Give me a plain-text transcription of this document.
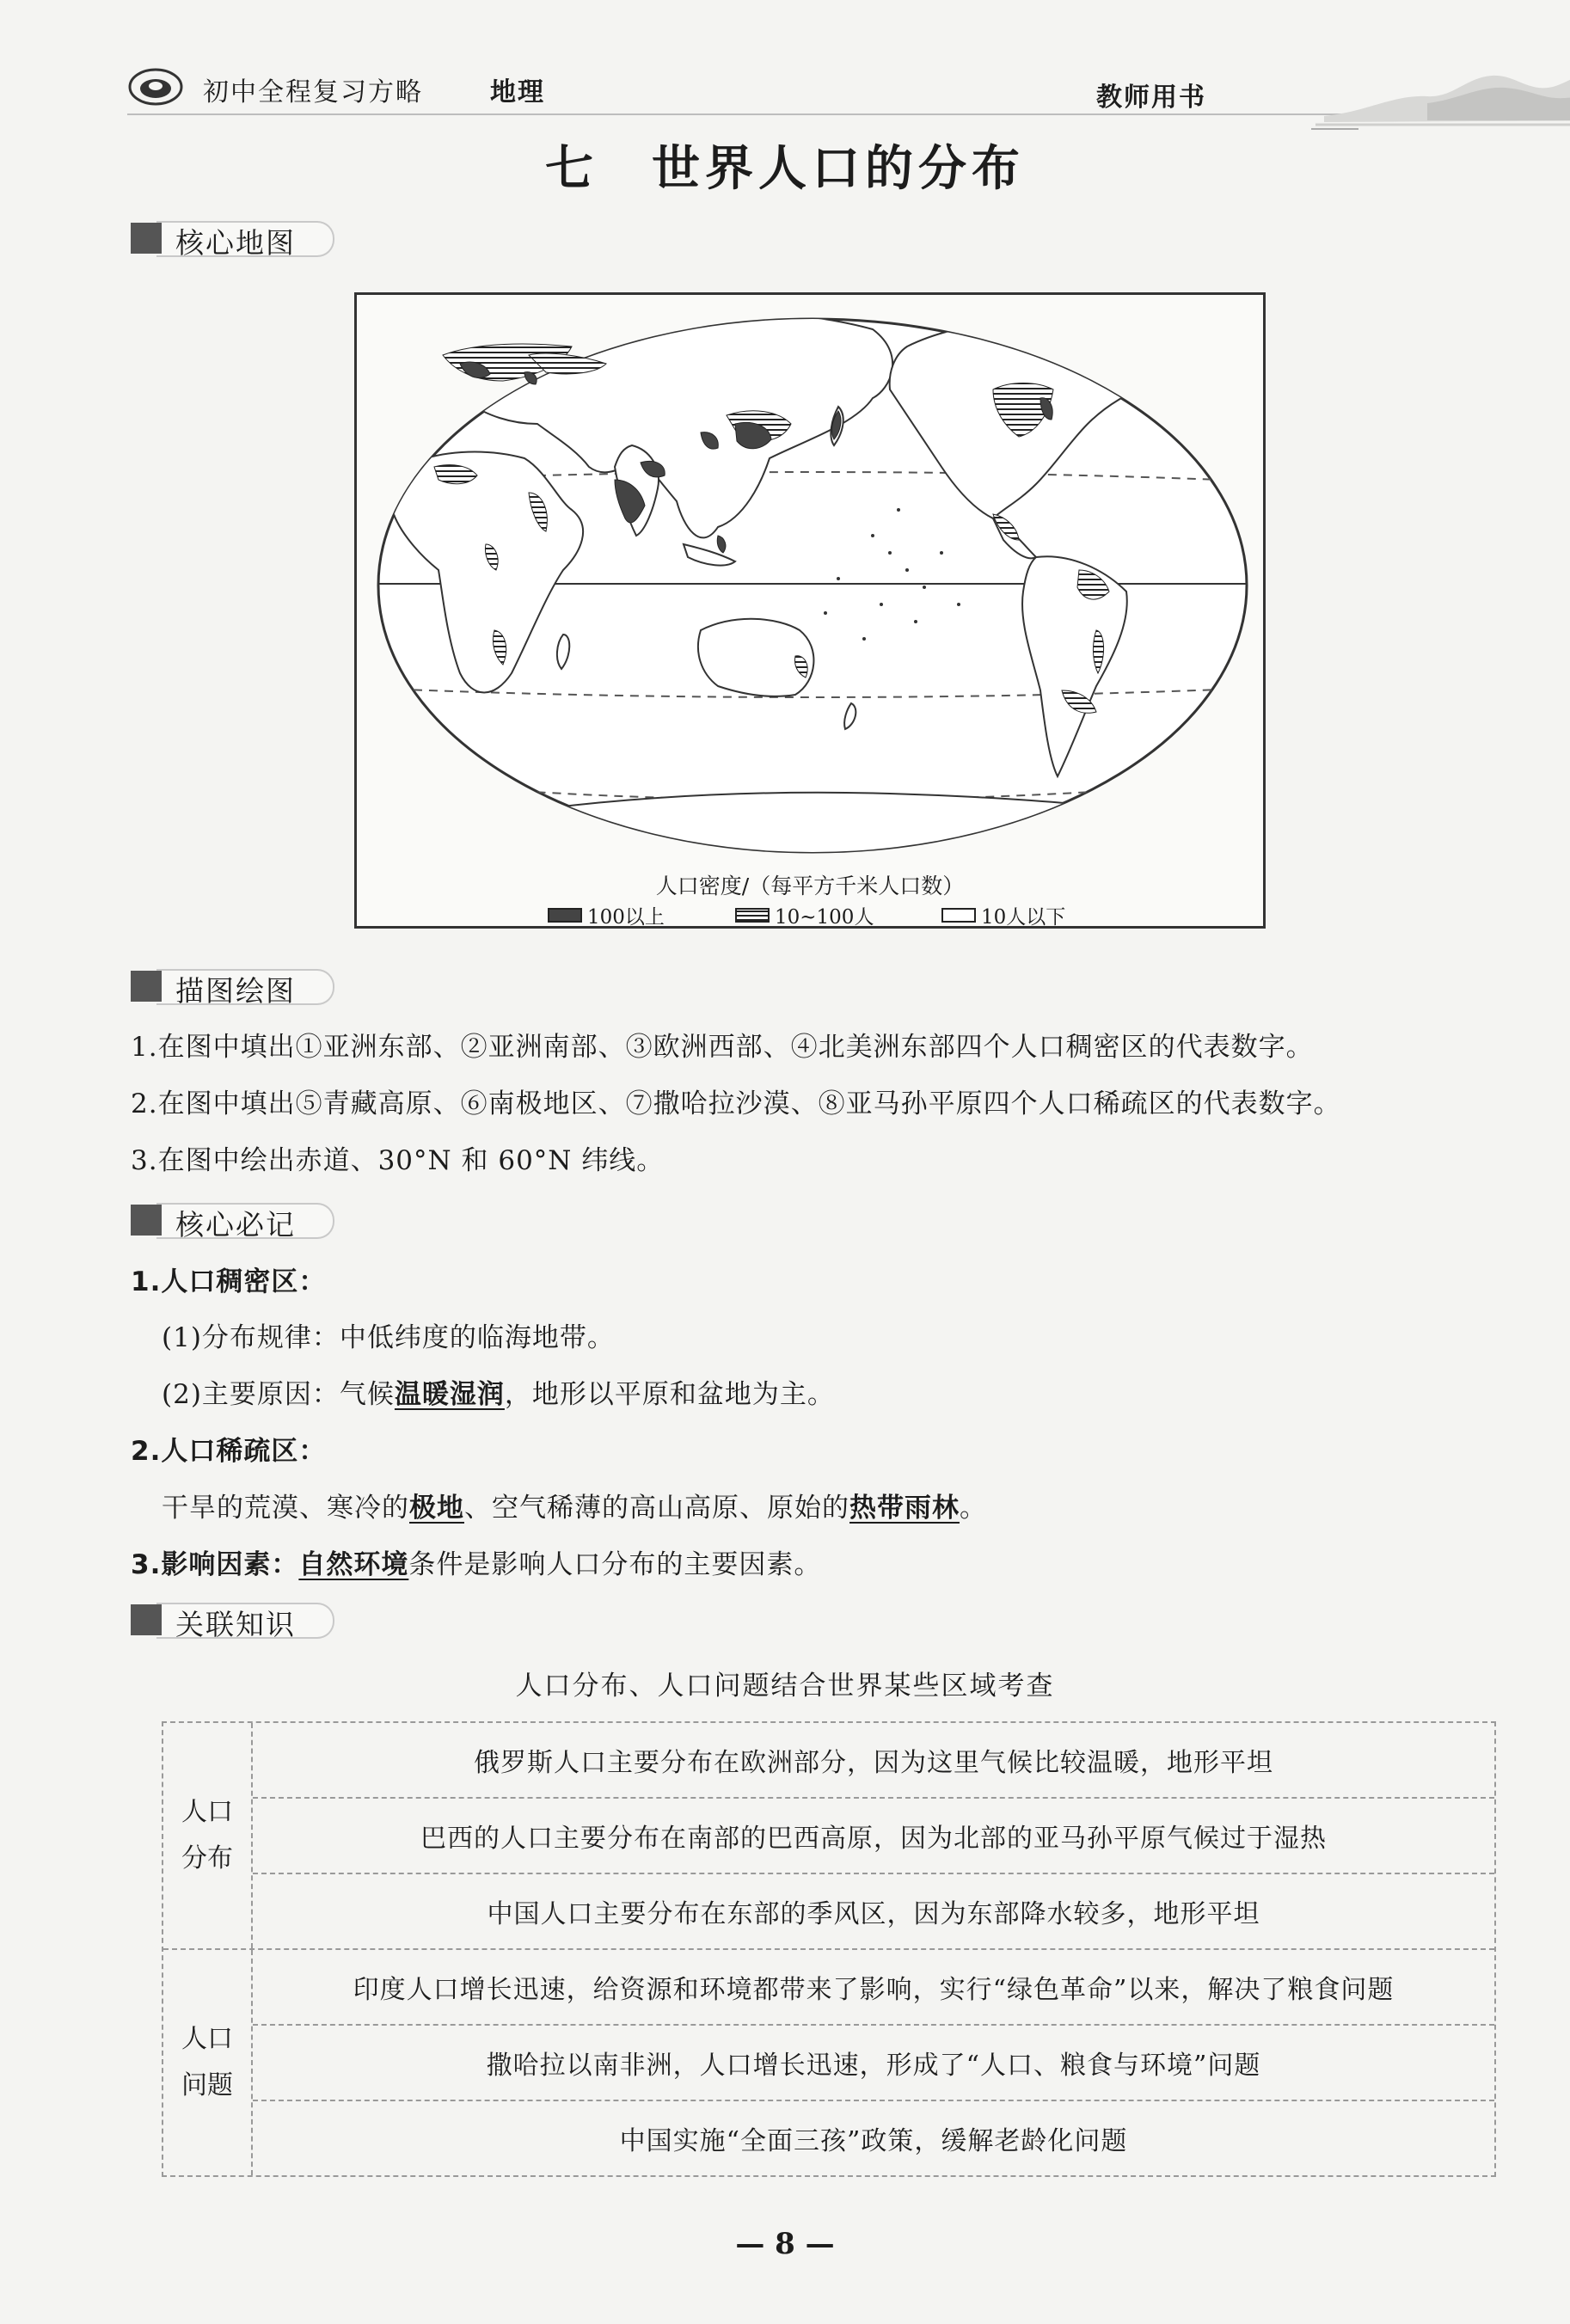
初中全程复习方略	地理	教师用书
七　世界人口的分布
核心地图
人口密度/（每平方千米人口数）
100以上	10~100人	10人以下
描图绘图
1.在图中填出①亚洲东部、②亚洲南部、③欧洲西部、④北美洲东部四个人口稠密区的代表数字。
2.在图中填出⑤青藏高原、⑥南极地区、⑦撒哈拉沙漠、⑧亚马孙平原四个人口稀疏区的代表数字。
3.在图中绘出赤道、30°N 和 60°N 纬线。
核心必记
1.人口稠密区：
(1)分布规律：中低纬度的临海地带。
(2)主要原因：气候温暖湿润，地形以平原和盆地为主。
2.人口稀疏区：
干旱的荒漠、寒冷的极地、空气稀薄的高山高原、原始的热带雨林。
3.影响因素：自然环境条件是影响人口分布的主要因素。
关联知识
人口分布、人口问题结合世界某些区域考查
人口分布
俄罗斯人口主要分布在欧洲部分，因为这里气候比较温暖，地形平坦
巴西的人口主要分布在南部的巴西高原，因为北部的亚马孙平原气候过于湿热
中国人口主要分布在东部的季风区，因为东部降水较多，地形平坦
人口问题
印度人口增长迅速，给资源和环境都带来了影响，实行“绿色革命”以来，解决了粮食问题
撒哈拉以南非洲，人口增长迅速，形成了“人口、粮食与环境”问题
中国实施“全面三孩”政策，缓解老龄化问题
— 8 —
